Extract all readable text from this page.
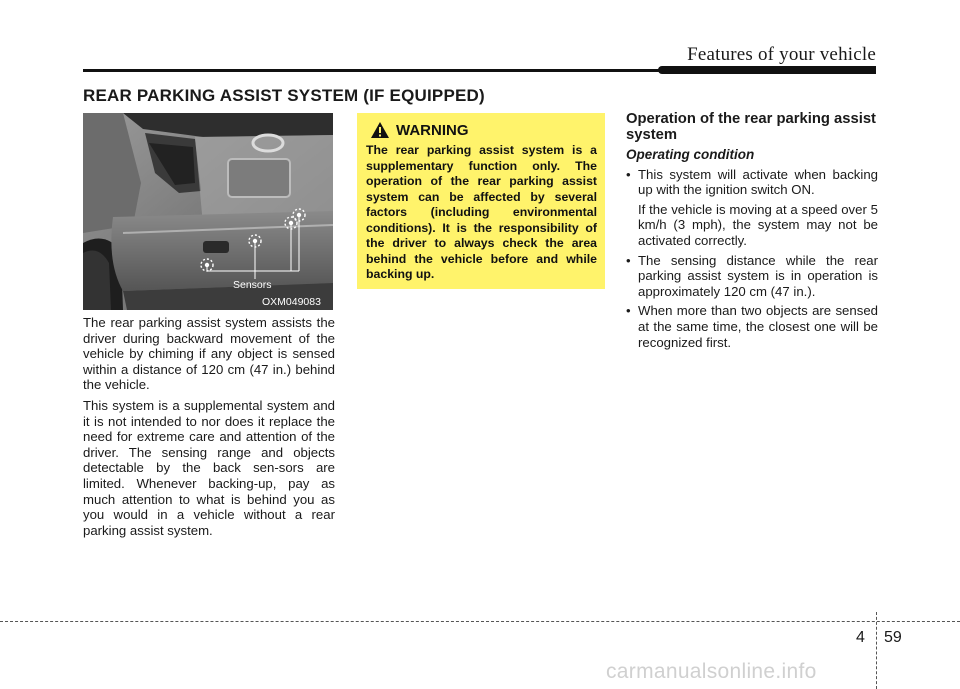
Features of your vehicle
REAR PARKING ASSIST SYSTEM (IF EQUIPPED)
Sensors
OXM049083

The rear parking assist system assists the driver during backward movement of the vehicle by chiming if any object is sensed within a distance of 120 cm (47 in.) behind the vehicle.

This system is a supplemental system and it is not intended to nor does it replace the need for extreme care and attention of the driver. The sensing range and objects detectable by the back sen-sors are limited. Whenever backing-up, pay as much attention to what is behind you as you would in a vehicle without a rear parking assist system.

WARNING
The rear parking assist system is a supplementary function only. The operation of the rear parking assist system can be affected by several factors (including environmental conditions). It is the responsibility of the driver to always check the area behind the vehicle before and while backing up.
Operation of the rear parking assist system
Operating condition
• This system will activate when backing up with the ignition switch ON.

If the vehicle is moving at a speed over 5 km/h (3 mph), the system may not be activated correctly.

• The sensing distance while the rear parking assist system is in operation is approximately 120 cm (47 in.).

• When more than two objects are sensed at the same time, the closest one will be recognized first.

4 59
carmanualsonline.info
